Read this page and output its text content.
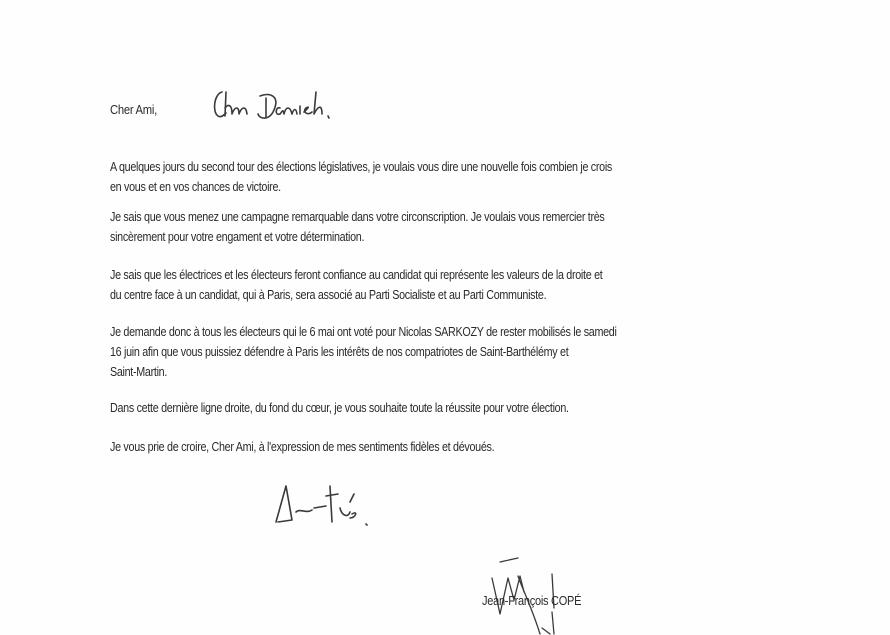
Cher Ami,
A quelques jours du second tour des élections législatives, je voulais vous dire une nouvelle fois combien je crois
en vous et en vos chances de victoire.
Je sais que vous menez une campagne remarquable dans votre circonscription. Je voulais vous remercier très
sincèrement pour votre engament et votre détermination.
Je sais que les électrices et les électeurs feront confiance au candidat qui représente les valeurs de la droite et
du centre face à un candidat, qui à Paris, sera associé au Parti Socialiste et au Parti Communiste.
Je demande donc à tous les électeurs qui le 6 mai ont voté pour Nicolas SARKOZY de rester mobilisés le samedi
16 juin afin que vous puissiez défendre à Paris les intérêts de nos compatriotes de Saint-Barthélémy et
Saint-Martin.
Dans cette dernière ligne droite, du fond du cœur, je vous souhaite toute la réussite pour votre élection.
Je vous prie de croire, Cher Ami, à l'expression de mes sentiments fidèles et dévoués.
Jean-François COPÉ
